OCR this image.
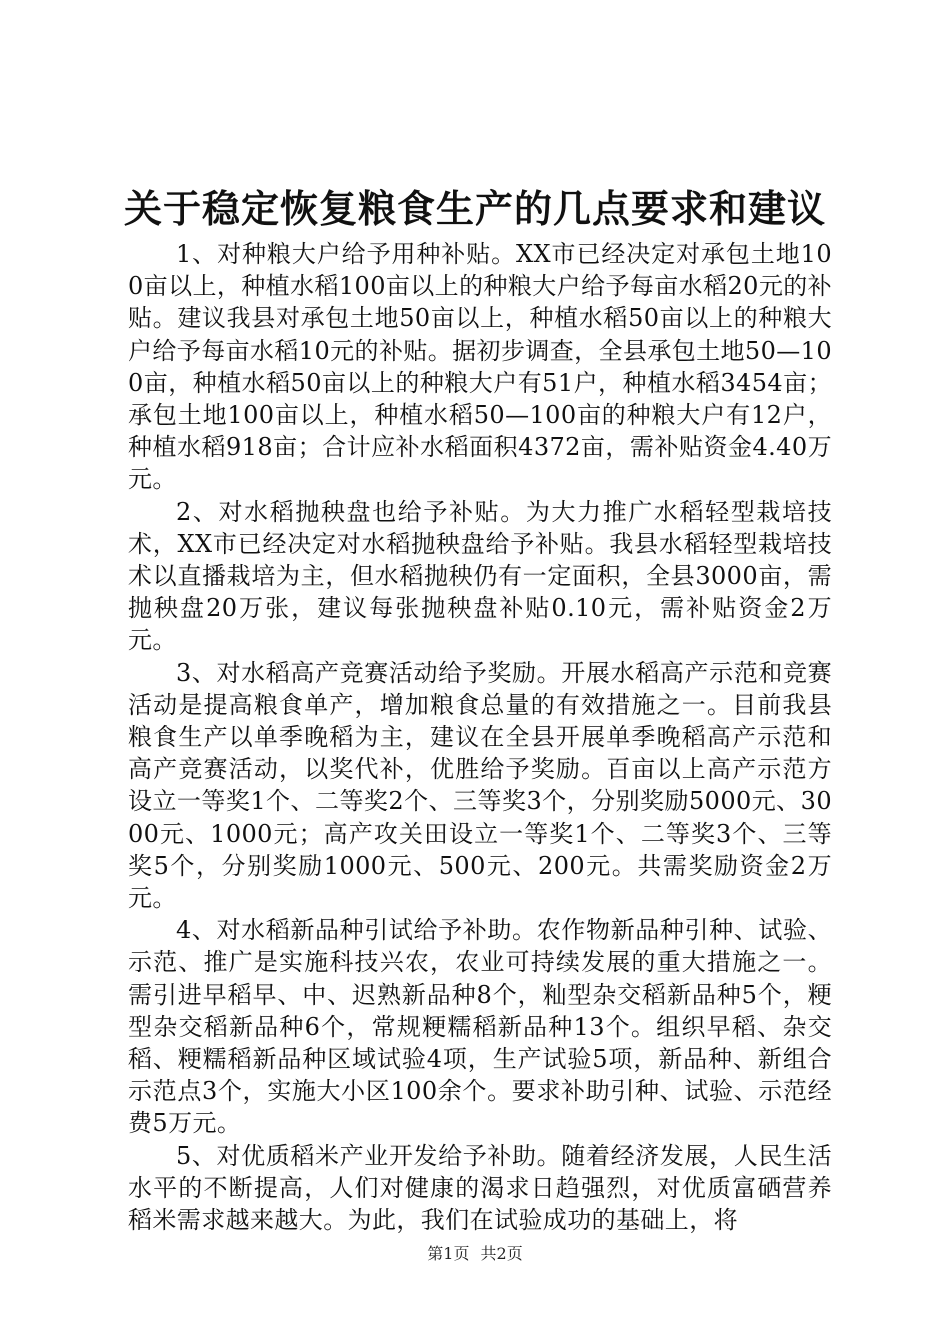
关于稳定恢复粮食生产的几点要求和建议

1、对种粮大户给予用种补贴。XX市已经决定对承包土地100亩以上，种植水稻100亩以上的种粮大户给予每亩水稻20元的补贴。建议我县对承包土地50亩以上，种植水稻50亩以上的种粮大户给予每亩水稻10元的补贴。据初步调查，全县承包土地50—100亩，种植水稻50亩以上的种粮大户有51户，种植水稻3454亩；承包土地100亩以上，种植水稻50—100亩的种粮大户有12户，种植水稻918亩；合计应补水稻面积4372亩，需补贴资金4.40万元。

2、对水稻抛秧盘也给予补贴。为大力推广水稻轻型栽培技术，XX市已经决定对水稻抛秧盘给予补贴。我县水稻轻型栽培技术以直播栽培为主，但水稻抛秧仍有一定面积，全县3000亩，需抛秧盘20万张，建议每张抛秧盘补贴0.10元，需补贴资金2万元。

3、对水稻高产竞赛活动给予奖励。开展水稻高产示范和竞赛活动是提高粮食单产，增加粮食总量的有效措施之一。目前我县粮食生产以单季晚稻为主，建议在全县开展单季晚稻高产示范和高产竞赛活动，以奖代补，优胜给予奖励。百亩以上高产示范方设立一等奖1个、二等奖2个、三等奖3个，分别奖励5000元、3000元、1000元；高产攻关田设立一等奖1个、二等奖3个、三等奖5个，分别奖励1000元、500元、200元。共需奖励资金2万元。

4、对水稻新品种引试给予补助。农作物新品种引种、试验、示范、推广是实施科技兴农，农业可持续发展的重大措施之一。需引进早稻早、中、迟熟新品种8个，籼型杂交稻新品种5个，粳型杂交稻新品种6个，常规粳糯稻新品种13个。组织早稻、杂交稻、粳糯稻新品种区域试验4项，生产试验5项，新品种、新组合示范点3个，实施大小区100余个。要求补助引种、试验、示范经费5万元。

5、对优质稻米产业开发给予补助。随着经济发展，人民生活水平的不断提高，人们对健康的渴求日趋强烈，对优质富硒营养稻米需求越来越大。为此，我们在试验成功的基础上，将

第1页 共2页
